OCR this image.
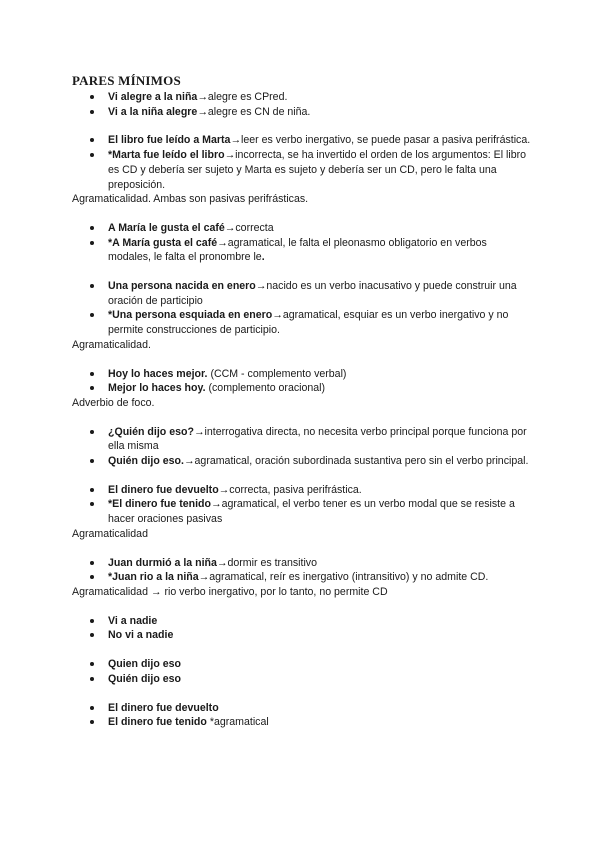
PARES MÍNIMOS
Vi alegre a la niña→alegre es CPred.
Vi a la niña alegre→alegre es CN de niña.
El libro fue leído a Marta→leer es verbo inergativo, se puede pasar a pasiva perifrástica.
*Marta fue leído el libro→incorrecta, se ha invertido el orden de los argumentos: El libro es CD y debería ser sujeto y Marta es sujeto y debería ser un CD, pero le falta una preposición.

Agramaticalidad. Ambas son pasivas perifrásticas.

A María le gusta el café→correcta
*A María gusta el café→agramatical, le falta el pleonasmo obligatorio en verbos modales, le falta el pronombre le.
Una persona nacida en enero→nacido es un verbo inacusativo y puede construir una oración de participio
*Una persona esquiada en enero→agramatical, esquiar es un verbo inergativo y no permite construcciones de participio.

Agramaticalidad.

Hoy lo haces mejor. (CCM - complemento verbal)
Mejor lo haces hoy. (complemento oracional)

Adverbio de foco.

¿Quién dijo eso?→interrogativa directa, no necesita verbo principal porque funciona por ella misma
Quién dijo eso.→agramatical, oración subordinada sustantiva pero sin el verbo principal.
El dinero fue devuelto→correcta, pasiva perifrástica.
*El dinero fue tenido→agramatical, el verbo tener es un verbo modal que se resiste a hacer oraciones pasivas

Agramaticalidad

Juan durmió a la niña→dormir es transitivo
*Juan rio a la niña→agramatical, reír es inergativo (intransitivo) y no admite CD.

Agramaticalidad → rio verbo inergativo, por lo tanto, no permite CD

Vi a nadie
No vi a nadie
Quien dijo eso
Quién dijo eso
El dinero fue devuelto
El dinero fue tenido *agramatical
